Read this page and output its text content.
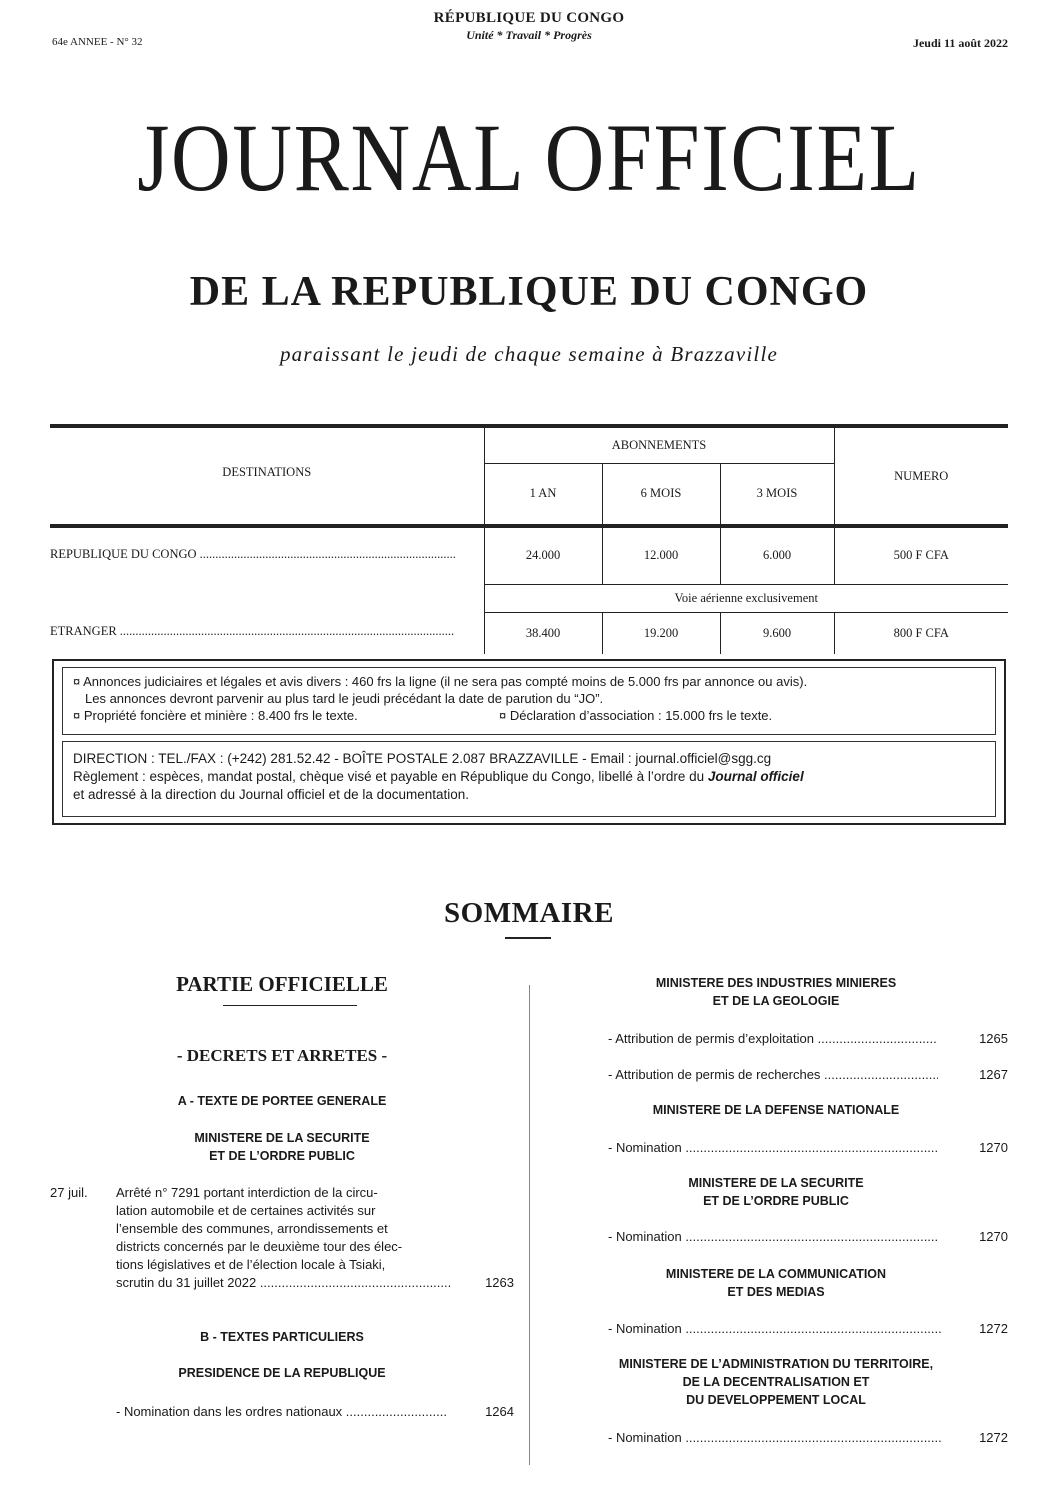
64e ANNEE - N° 32
RÉPUBLIQUE DU CONGO
Unité * Travail * Progrès
Jeudi 11 août 2022
JOURNAL OFFICIEL
DE LA REPUBLIQUE DU CONGO
paraissant le jeudi de chaque semaine à Brazzaville
DESTINATIONS	ABONNEMENTS			NUMERO
	1 AN	6 MOIS	3 MOIS	
REPUBLIQUE DU CONGO .....	24.000	12.000	6.000	500 F CFA
	Voie aérienne exclusivement			
ETRANGER .....	38.400	19.200	9.600	800 F CFA
¤ Annonces judiciaires et légales et avis divers : 460 frs la ligne (il ne sera pas compté moins de 5.000 frs par annonce ou avis).
Les annonces devront parvenir au plus tard le jeudi précédant la date de parution du “JO”.
¤ Propriété foncière et minière : 8.400 frs le texte.	¤ Déclaration d’association : 15.000 frs le texte.
DIRECTION : TEL./FAX : (+242) 281.52.42 - BOÎTE POSTALE 2.087 BRAZZAVILLE - Email : journal.officiel@sgg.cg
Règlement : espèces, mandat postal, chèque visé et payable en République du Congo, libellé à l’ordre du Journal officiel
et adressé à la direction du Journal officiel et de la documentation.
SOMMAIRE
PARTIE OFFICIELLE
- DECRETS ET ARRETES -
A - TEXTE DE PORTEE GENERALE
MINISTERE DE LA SECURITE
ET DE L’ORDRE PUBLIC
27 juil. Arrêté n° 7291 portant interdiction de la circu-
lation automobile et de certaines activités sur
l’ensemble des communes, arrondissements et
districts concernés par le deuxième tour des élec-
tions législatives et de l’élection locale à Tsiaki,
scrutin du 31 juillet 2022 .....	1263
B - TEXTES PARTICULIERS
PRESIDENCE DE LA REPUBLIQUE
- Nomination dans les ordres nationaux .....	1264
MINISTERE DES INDUSTRIES MINIERES
ET DE LA GEOLOGIE
- Attribution de permis d’exploitation .....	1265
- Attribution de permis de recherches .....	1267
MINISTERE DE LA DEFENSE NATIONALE
- Nomination .....	1270
MINISTERE DE LA SECURITE
ET DE L’ORDRE PUBLIC
- Nomination .....	1270
MINISTERE DE LA COMMUNICATION
ET DES MEDIAS
- Nomination .....	1272
MINISTERE DE L’ADMINISTRATION DU TERRITOIRE,
DE LA DECENTRALISATION ET
DU DEVELOPPEMENT LOCAL
- Nomination .....	1272
